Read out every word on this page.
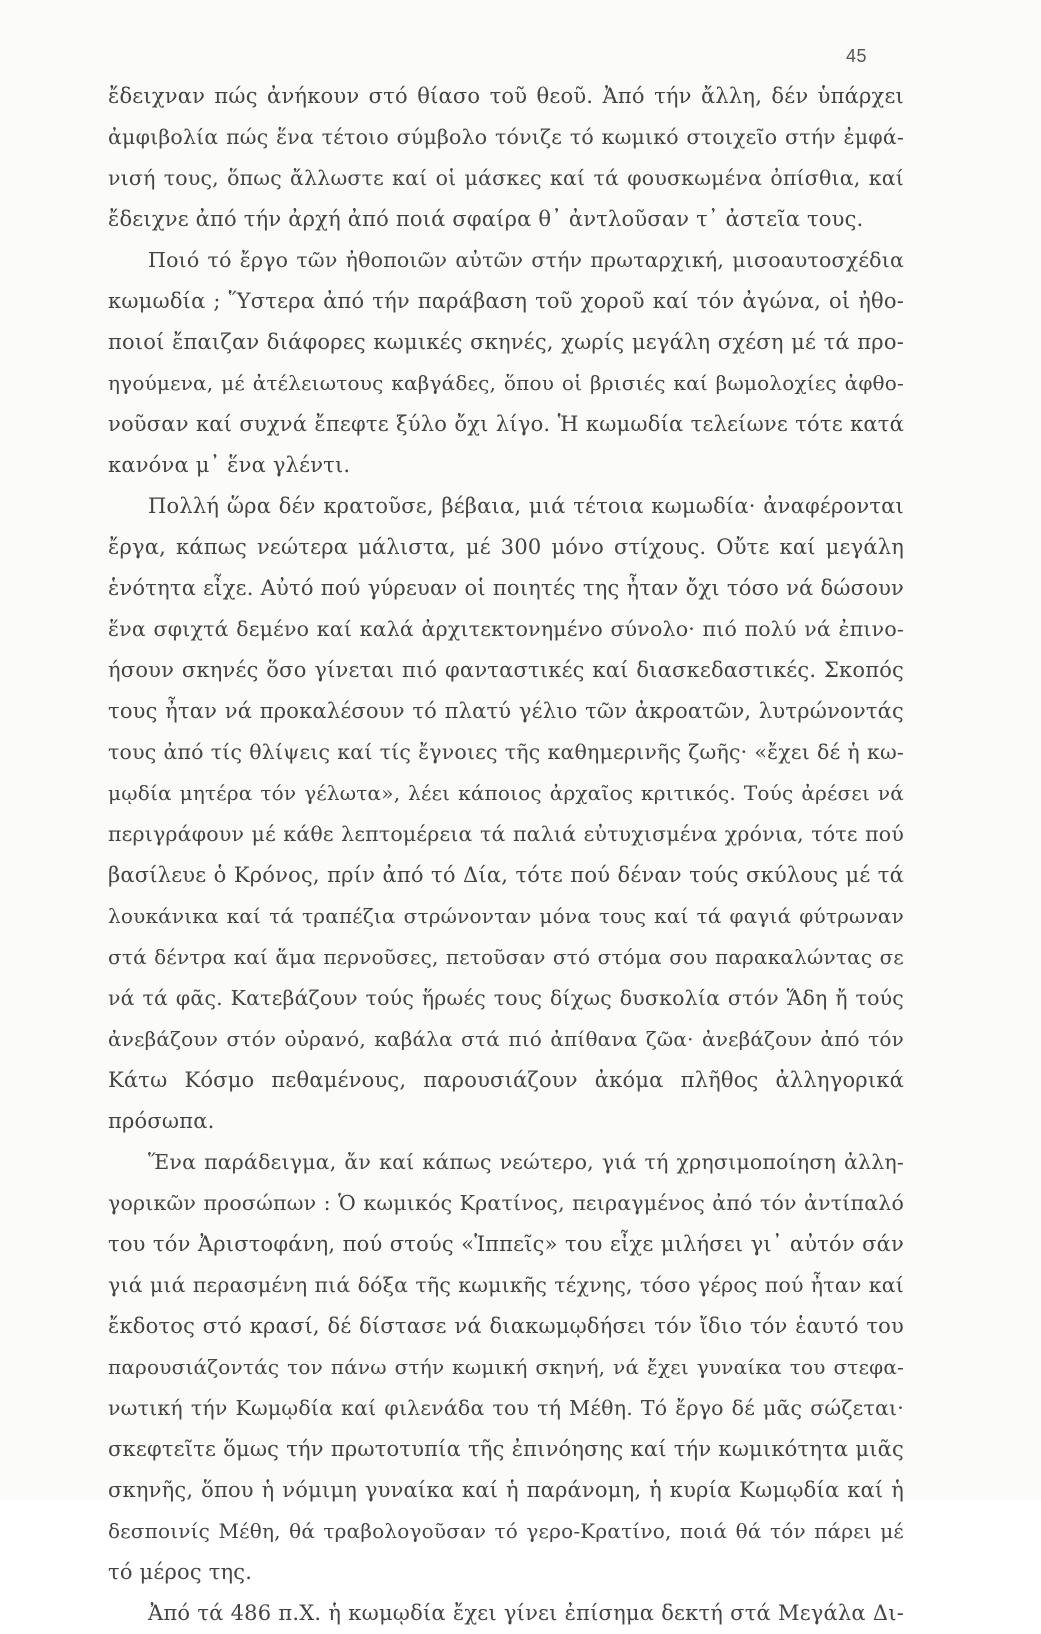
45
ἔδειχναν πώς ἀνήκουν στό θίασο τοῦ θεοῦ. Ἀπό τήν ἄλλη, δέν ὑπάρχει
ἀμφιβολία πώς ἕνα τέτοιο σύμβολο τόνιζε τό κωμικό στοιχεῖο στήν ἐμφά-
νισή τους, ὅπως ἄλλωστε καί οἱ μάσκες καί τά φουσκωμένα ὀπίσθια, καί
ἔδειχνε ἀπό τήν ἀρχή ἀπό ποιά σφαίρα θ᾽ ἀντλοῦσαν τ᾽ ἀστεῖα τους.
Ποιό τό ἔργο τῶν ἠθοποιῶν αὐτῶν στήν πρωταρχική, μισοαυτοσχέδια
κωμωδία ; Ὕστερα ἀπό τήν παράβαση τοῦ χοροῦ καί τόν ἀγώνα, οἱ ἠθο-
ποιοί ἔπαιζαν διάφορες κωμικές σκηνές, χωρίς μεγάλη σχέση μέ τά προ-
ηγούμενα, μέ ἀτέλειωτους καβγάδες, ὅπου οἱ βρισιές καί βωμολοχίες ἀφθο-
νοῦσαν καί συχνά ἔπεφτε ξύλο ὄχι λίγο. Ἡ κωμωδία τελείωνε τότε κατά
κανόνα μ᾽ ἕνα γλέντι.
Πολλή ὥρα δέν κρατοῦσε, βέβαια, μιά τέτοια κωμωδία· ἀναφέρονται
ἔργα, κάπως νεώτερα μάλιστα, μέ 300 μόνο στίχους. Οὔτε καί μεγάλη
ἑνότητα εἶχε. Αὐτό πού γύρευαν οἱ ποιητές της ἦταν ὄχι τόσο νά δώσουν
ἕνα σφιχτά δεμένο καί καλά ἀρχιτεκτονημένο σύνολο· πιό πολύ νά ἐπινο-
ήσουν σκηνές ὅσο γίνεται πιό φανταστικές καί διασκεδαστικές. Σκοπός
τους ἦταν νά προκαλέσουν τό πλατύ γέλιο τῶν ἀκροατῶν, λυτρώνοντάς
τους ἀπό τίς θλίψεις καί τίς ἔγνοιες τῆς καθημερινῆς ζωῆς· «ἔχει δέ ἡ κω-
μῳδία μητέρα τόν γέλωτα», λέει κάποιος ἀρχαῖος κριτικός. Τούς ἀρέσει νά
περιγράφουν μέ κάθε λεπτομέρεια τά παλιά εὐτυχισμένα χρόνια, τότε πού
βασίλευε ὁ Κρόνος, πρίν ἀπό τό Δία, τότε πού δέναν τούς σκύλους μέ τά
λουκάνικα καί τά τραπέζια στρώνονταν μόνα τους καί τά φαγιά φύτρωναν
στά δέντρα καί ἅμα περνοῦσες, πετοῦσαν στό στόμα σου παρακαλώντας σε
νά τά φᾶς. Κατεβάζουν τούς ἥρωές τους δίχως δυσκολία στόν Ἅδη ἤ τούς
ἀνεβάζουν στόν οὐρανό, καβάλα στά πιό ἀπίθανα ζῶα· ἀνεβάζουν ἀπό τόν
Κάτω Κόσμο πεθαμένους, παρουσιάζουν ἀκόμα πλῆθος ἀλληγορικά
πρόσωπα.
Ἕνα παράδειγμα, ἄν καί κάπως νεώτερο, γιά τή χρησιμοποίηση ἀλλη-
γορικῶν προσώπων : Ὁ κωμικός Κρατίνος, πειραγμένος ἀπό τόν ἀντίπαλό
του τόν Ἀριστοφάνη, πού στούς «Ἱππεῖς» του εἶχε μιλήσει γι᾽ αὐτόν σάν
γιά μιά περασμένη πιά δόξα τῆς κωμικῆς τέχνης, τόσο γέρος πού ἦταν καί
ἔκδοτος στό κρασί, δέ δίστασε νά διακωμῳδήσει τόν ἴδιο τόν ἑαυτό του
παρουσιάζοντάς τον πάνω στήν κωμική σκηνή, νά ἔχει γυναίκα του στεφα-
νωτική τήν Κωμῳδία καί φιλενάδα του τή Μέθη. Τό ἔργο δέ μᾶς σώζεται·
σκεφτεῖτε ὅμως τήν πρωτοτυπία τῆς ἐπινόησης καί τήν κωμικότητα μιᾶς
σκηνῆς, ὅπου ἡ νόμιμη γυναίκα καί ἡ παράνομη, ἡ κυρία Κωμῳδία καί ἡ
δεσποινίς Μέθη, θά τραβολογοῦσαν τό γερο-Κρατίνο, ποιά θά τόν πάρει μέ
τό μέρος της.
Ἀπό τά 486 π.Χ. ἡ κωμῳδία ἔχει γίνει ἐπίσημα δεκτή στά Μεγάλα Δι-
